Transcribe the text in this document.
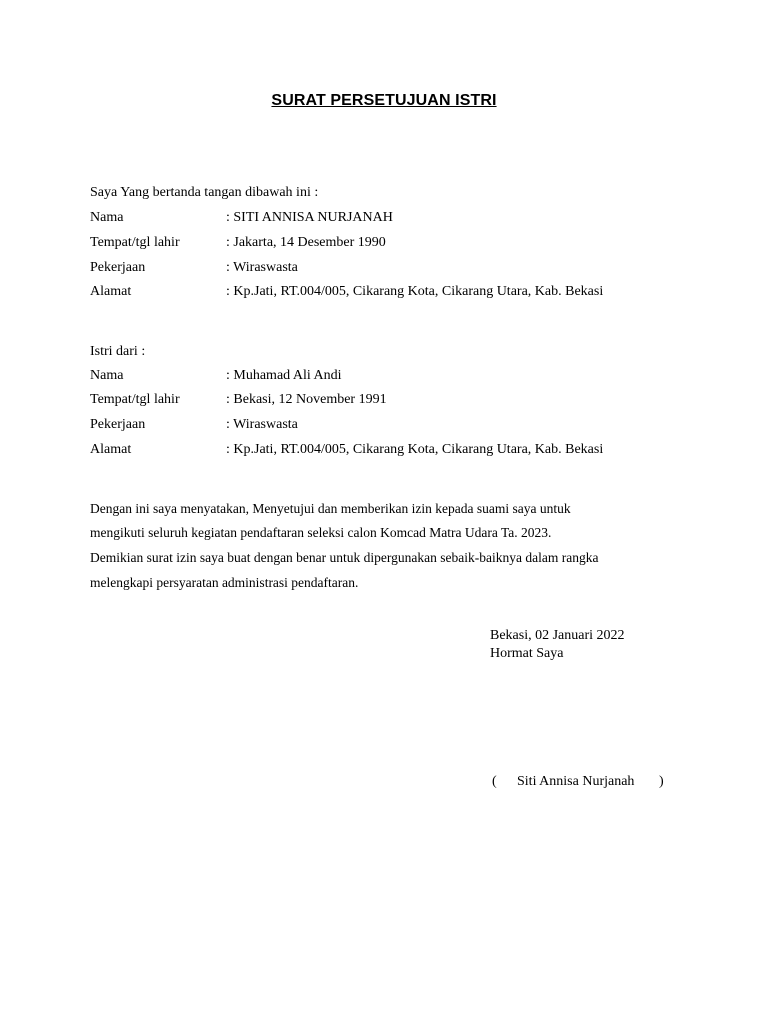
SURAT PERSETUJUAN ISTRI
Saya Yang bertanda tangan dibawah ini :
Nama	: SITI ANNISA NURJANAH
Tempat/tgl lahir	: Jakarta, 14 Desember 1990
Pekerjaan	: Wiraswasta
Alamat	: Kp.Jati, RT.004/005, Cikarang Kota, Cikarang Utara, Kab. Bekasi
Istri dari :
Nama	: Muhamad Ali Andi
Tempat/tgl lahir	: Bekasi, 12 November 1991
Pekerjaan	: Wiraswasta
Alamat	: Kp.Jati, RT.004/005, Cikarang Kota, Cikarang Utara, Kab. Bekasi
Dengan ini saya menyatakan, Menyetujui dan memberikan izin kepada suami saya untuk
mengikuti seluruh kegiatan pendaftaran seleksi calon Komcad Matra Udara Ta. 2023.
Demikian surat izin saya buat dengan benar untuk dipergunakan sebaik-baiknya dalam rangka
melengkapi persyaratan administrasi pendaftaran.
Bekasi, 02 Januari 2022
Hormat Saya
( Siti Annisa Nurjanah )
